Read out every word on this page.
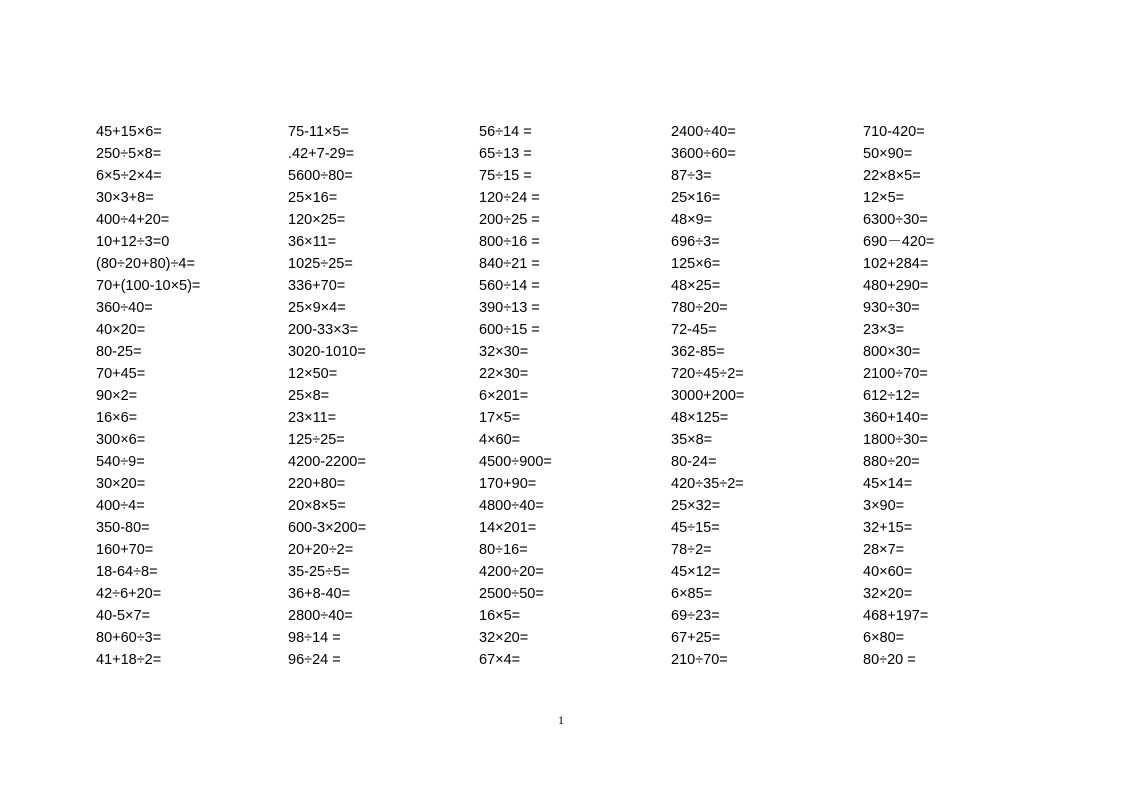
45+15×6=
250÷5×8=
6×5÷2×4=
30×3+8=
400÷4+20=
10+12÷3=0
(80÷20+80)÷4=
70+(100-10×5)=
360÷40=
40×20=
80-25=
70+45=
90×2=
16×6=
300×6=
540÷9=
30×20=
400÷4=
350-80=
160+70=
18-64÷8=
42÷6+20=
40-5×7=
80+60÷3=
41+18÷2=
75-11×5=
.42+7-29=
5600÷80=
25×16=
120×25=
36×11=
1025÷25=
336+70=
25×9×4=
200-33×3=
3020-1010=
12×50=
25×8=
23×11=
125÷25=
4200-2200=
220+80=
20×8×5=
600-3×200=
20+20÷2=
35-25÷5=
36+8-40=
2800÷40=
98÷14 =
96÷24 =
56÷14 =
65÷13 =
75÷15 =
120÷24 =
200÷25 =
800÷16 =
840÷21 =
560÷14 =
390÷13 =
600÷15 =
32×30=
22×30=
6×201=
17×5=
4×60=
4500÷900=
170+90=
4800÷40=
14×201=
80÷16=
4200÷20=
2500÷50=
16×5=
32×20=
67×4=
2400÷40=
3600÷60=
87÷3=
25×16=
48×9=
696÷3=
125×6=
48×25=
780÷20=
72-45=
362-85=
720÷45÷2=
3000+200=
48×125=
35×8=
80-24=
420÷35÷2=
25×32=
45÷15=
78÷2=
45×12=
6×85=
69÷23=
67+25=
210÷70=
710-420=
50×90=
22×8×5=
12×5=
6300÷30=
690－420=
102+284=
480+290=
930÷30=
23×3=
800×30=
2100÷70=
612÷12=
360+140=
1800÷30=
880÷20=
45×14=
3×90=
32+15=
28×7=
40×60=
32×20=
468+197=
6×80=
80÷20 =
1
